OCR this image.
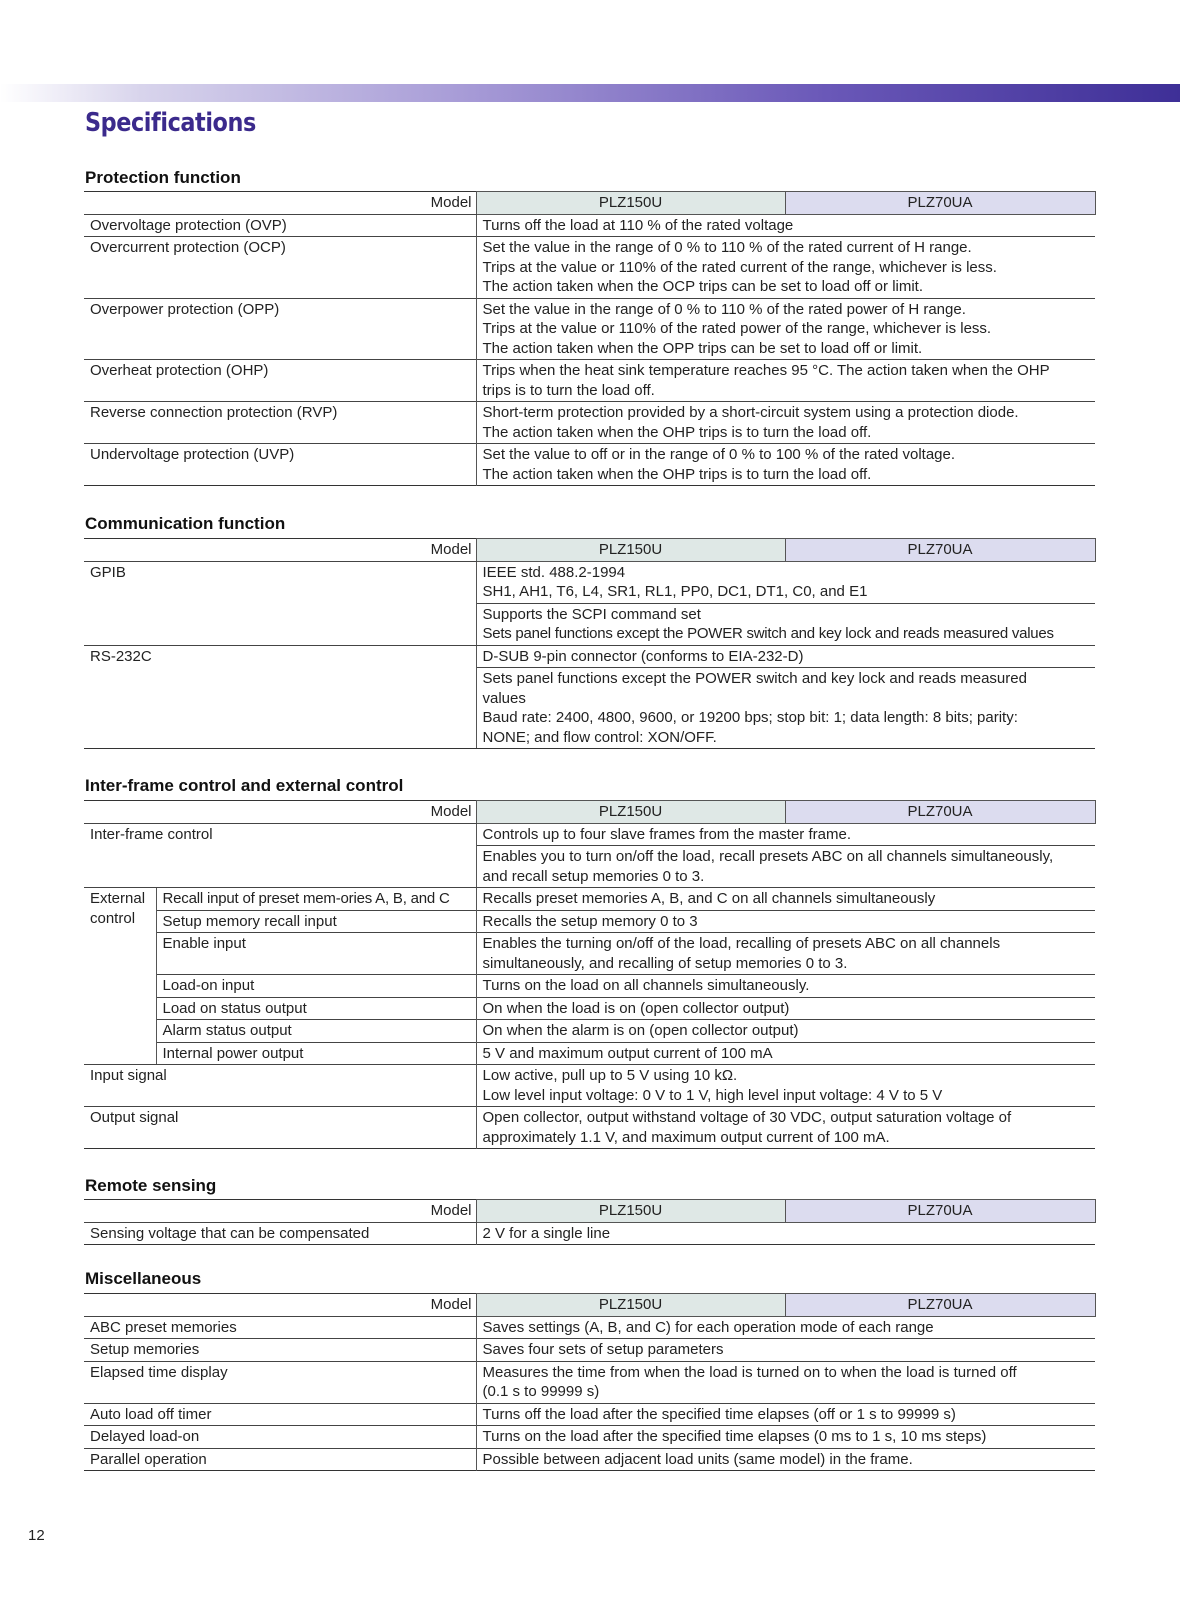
Specifications
Protection function
Model	PLZ150U	PLZ70UA
Overvoltage protection (OVP)	Turns off the load at 110 % of the rated voltage	

Overcurrent protection (OCP)	Set the value in the range of 0 % to 110 % of the rated current of H range.
Trips at the value or 110% of the rated current of the range, whichever is less.
The action taken when the OCP trips can be set to load off or limit.	

Overpower protection (OPP)	Set the value in the range of 0 % to 110 % of the rated power of H range.
Trips at the value or 110% of the rated power of the range, whichever is less.
The action taken when the OPP trips can be set to load off or limit.	

Overheat protection (OHP)	Trips when the heat sink temperature reaches 95 °C. The action taken when the OHP
trips is to turn the load off.	

Reverse connection protection (RVP)	Short-term protection provided by a short-circuit system using a protection diode.
The action taken when the OHP trips is to turn the load off.	

Undervoltage protection (UVP)	Set the value to off or in the range of 0 % to 100 % of the rated voltage.
The action taken when the OHP trips is to turn the load off.	
Communication function
Model	PLZ150U	PLZ70UA
GPIB	IEEE std. 488.2-1994
SH1, AH1, T6, L4, SR1, RL1, PP0, DC1, DT1, C0, and E1	

	Supports the SCPI command set
Sets panel functions except the POWER switch and key lock and reads measured values	

RS-232C	D-SUB 9-pin connector (conforms to EIA-232-D)	

	Sets panel functions except the POWER switch and key lock and reads measured
values
Baud rate: 2400, 4800, 9600, or 19200 bps; stop bit: 1; data length: 8 bits; parity:
NONE; and flow control: XON/OFF.	
Inter-frame control and external control
Model		PLZ150U	PLZ70UA
Inter-frame control		Controls up to four slave frames from the master frame.	

		Enables you to turn on/off the load, recall presets ABC on all channels simultaneously,
and recall setup memories 0 to 3.	

External
control	Recall input of preset mem-ories A, B, and C	Recalls preset memories A, B, and C on all channels simultaneously	

	Setup memory recall input	Recalls the setup memory 0 to 3	

	Enable input	Enables the turning on/off of the load, recalling of presets ABC on all channels
simultaneously, and recalling of setup memories 0 to 3.	

	Load-on input	Turns on the load on all channels simultaneously.	

	Load on status output	On when the load is on (open collector output)	

	Alarm status output	On when the alarm is on (open collector output)	

	Internal power output	5 V and maximum output current of 100 mA	

Input signal		Low active, pull up to 5 V using 10 kΩ.
Low level input voltage: 0 V to 1 V, high level input voltage: 4 V to 5 V	

Output signal		Open collector, output withstand voltage of 30 VDC, output saturation voltage of
approximately 1.1 V, and maximum output current of 100 mA.	
Remote sensing
Model	PLZ150U	PLZ70UA
Sensing voltage that can be compensated	2 V for a single line	
Miscellaneous
Model	PLZ150U	PLZ70UA
ABC preset memories	Saves settings (A, B, and C) for each operation mode of each range	

Setup memories	Saves four sets of setup parameters	

Elapsed time display	Measures the time from when the load is turned on to when the load is turned off
(0.1 s to 99999 s)	

Auto load off timer	Turns off the load after the specified time elapses (off or 1 s to 99999 s)	

Delayed load-on	Turns on the load after the specified time elapses (0 ms to 1 s, 10 ms steps)	

Parallel operation	Possible between adjacent load units (same model) in the frame.	
12
